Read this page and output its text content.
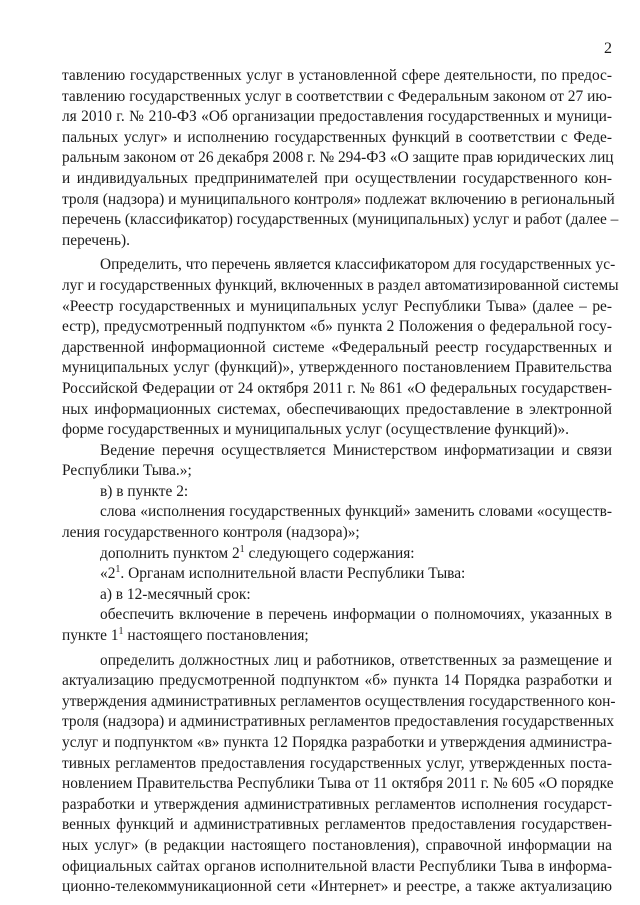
2
тавлению государственных услуг в установленной сфере деятельности, по предос-
тавлению государственных услуг в соответствии с Федеральным законом от 27 ию-
ля 2010 г. № 210-ФЗ «Об организации предоставления государственных и муници-
пальных услуг» и исполнению государственных функций в соответствии с Феде-
ральным законом от 26 декабря 2008 г. № 294-ФЗ «О защите прав юридических лиц
и индивидуальных предпринимателей при осуществлении государственного кон-
троля (надзора) и муниципального контроля» подлежат включению в региональный
перечень (классификатор) государственных (муниципальных) услуг и работ (далее –
перечень).
Определить, что перечень является классификатором для государственных ус-
луг и государственных функций, включенных в раздел автоматизированной системы
«Реестр государственных и муниципальных услуг Республики Тыва» (далее – ре-
естр), предусмотренный подпунктом «б» пункта 2 Положения о федеральной госу-
дарственной информационной системе «Федеральный реестр государственных и
муниципальных услуг (функций)», утвержденного постановлением Правительства
Российской Федерации от 24 октября 2011 г. № 861 «О федеральных государствен-
ных информационных системах, обеспечивающих предоставление в электронной
форме государственных и муниципальных услуг (осуществление функций)».
Ведение перечня осуществляется Министерством информатизации и связи
Республики Тыва.»;
в) в пункте 2:
слова «исполнения государственных функций» заменить словами «осуществ-
ления государственного контроля (надзора)»;
дополнить пунктом $2^1$ следующего содержания:
«$2^1$. Органам исполнительной власти Республики Тыва:
а) в 12-месячный срок:
обеспечить включение в перечень информации о полномочиях, указанных в
пункте $1^1$ настоящего постановления;
определить должностных лиц и работников, ответственных за размещение и
актуализацию предусмотренной подпунктом «б» пункта 14 Порядка разработки и
утверждения административных регламентов осуществления государственного кон-
троля (надзора) и административных регламентов предоставления государственных
услуг и подпунктом «в» пункта 12 Порядка разработки и утверждения администра-
тивных регламентов предоставления государственных услуг, утвержденных поста-
новлением Правительства Республики Тыва от 11 октября 2011 г. № 605 «О порядке
разработки и утверждения административных регламентов исполнения государст-
венных функций и административных регламентов предоставления государствен-
ных услуг» (в редакции настоящего постановления), справочной информации на
официальных сайтах органов исполнительной власти Республики Тыва в информа-
ционно-телекоммуникационной сети «Интернет» и реестре, а также актуализацию
